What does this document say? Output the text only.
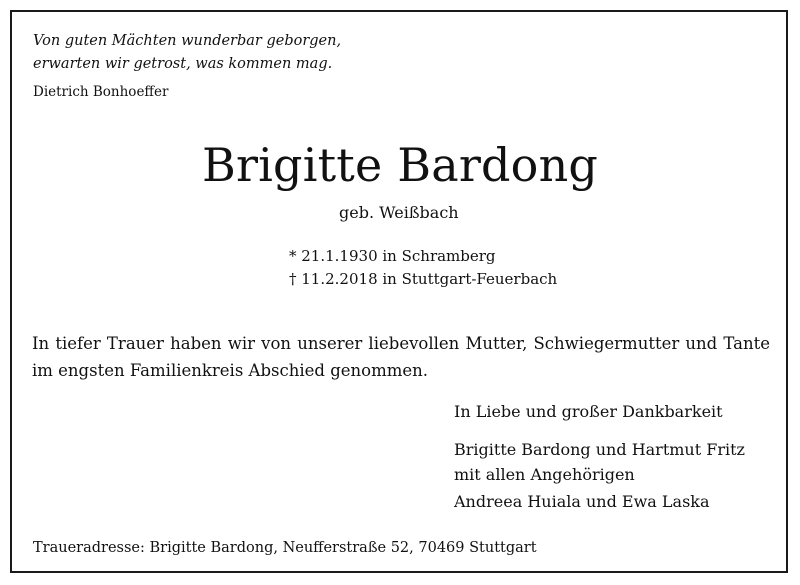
Von guten Mächten wunderbar geborgen,
erwarten wir getrost, was kommen mag.
Dietrich Bonhoeffer
Brigitte Bardong
geb. Weißbach
* 21.1.1930 in Schramberg
† 11.2.2018 in Stuttgart-Feuerbach
In tiefer Trauer haben wir von unserer liebevollen Mutter, Schwiegermutter und Tante im engsten Familienkreis Abschied genommen.
In Liebe und großer Dankbarkeit
Brigitte Bardong und Hartmut Fritz
mit allen Angehörigen
Andreea Huiala und Ewa Laska
Traueradresse: Brigitte Bardong, Neufferstraße 52, 70469 Stuttgart
